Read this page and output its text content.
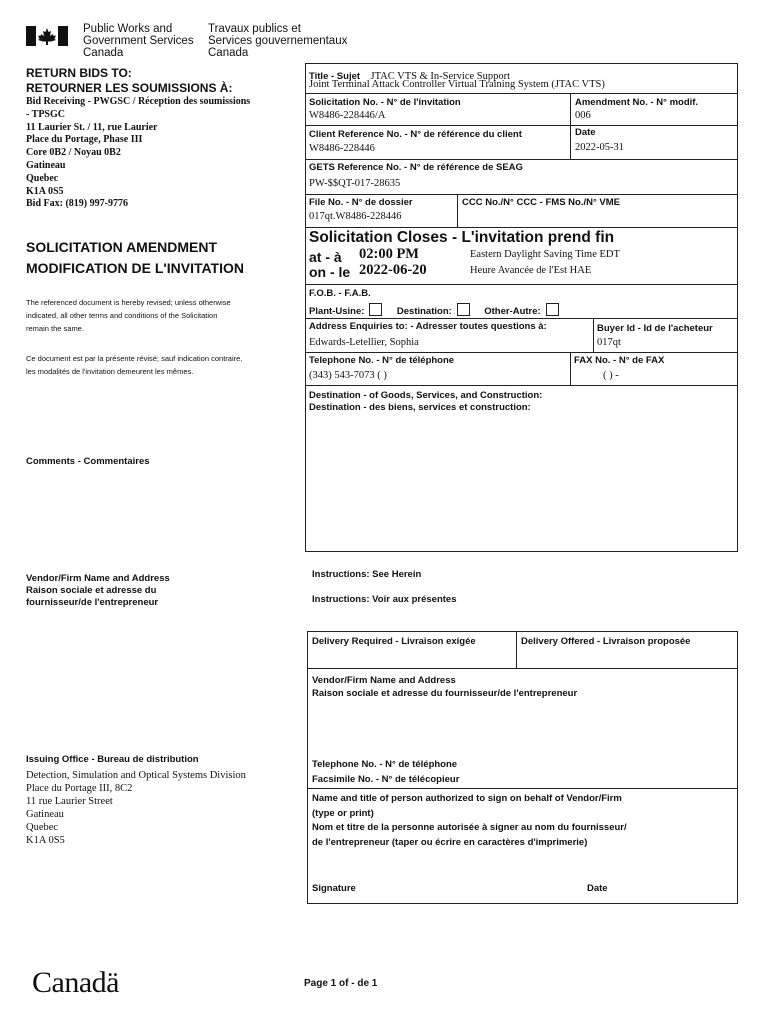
Public Works and
Government Services
Canada
Travaux publics et
Services gouvernementaux
Canada
RETURN BIDS TO:
RETOURNER LES SOUMISSIONS À:
Bid Receiving - PWGSC / Réception des soumissions
- TPSGC
11 Laurier St. / 11, rue Laurier
Place du Portage, Phase III
Core 0B2 / Noyau 0B2
Gatineau
Quebec
K1A 0S5
Bid Fax: (819) 997-9776
SOLICITATION AMENDMENT
MODIFICATION DE L'INVITATION
The referenced document is hereby revised; unless otherwise
indicated, all other terms and conditions of the Solicitation
remain the same.
Ce document est par la présente révisé; sauf indication contraire,
les modalités de l'invitation demeurent les mêmes.
Comments - Commentaires
Vendor/Firm Name and Address
Raison sociale et adresse du
fournisseur/de l'entrepreneur
Issuing Office - Bureau de distribution
Detection, Simulation and Optical Systems Division
Place du Portage III, 8C2
11 rue Laurier Street
Gatineau
Quebec
K1A 0S5
Title - Sujet JTAC VTS & In-Service Support
Joint Terminal Attack Controller Virtual Training System (JTAC VTS)
Solicitation No. - N° de l'invitation
W8486-228446/A
Amendment No. - N° modif.
006
Client Reference No. - N° de référence du client
W8486-228446
Date
2022-05-31
GETS Reference No. - N° de référence de SEAG
PW-$$QT-017-28635
File No. - N° de dossier
017qt.W8486-228446
CCC No./N° CCC - FMS No./N° VME
Solicitation Closes - L'invitation prend fin
at - à 02:00 PM
on - le 2022-06-20
Eastern Daylight Saving Time EDT
Heure Avancée de l'Est HAE
F.O.B. - F.A.B.
Plant-Usine:	Destination:	Other-Autre:
Address Enquiries to: - Adresser toutes questions à:
Edwards-Letellier, Sophia
Buyer Id - Id de l'acheteur
017qt
Telephone No. - N° de téléphone
(343) 543-7073 ( )
FAX No. - N° de FAX
( ) -
Destination - of Goods, Services, and Construction:
Destination - des biens, services et construction:
Instructions: See Herein
Instructions: Voir aux présentes
Delivery Required - Livraison exigée	Delivery Offered - Livraison proposée
Vendor/Firm Name and Address
Raison sociale et adresse du fournisseur/de l'entrepreneur
Telephone No. - N° de téléphone
Facsimile No. - N° de télécopieur
Name and title of person authorized to sign on behalf of Vendor/Firm
(type or print)
Nom et titre de la personne autorisée à signer au nom du fournisseur/
de l'entrepreneur (taper ou écrire en caractères d'imprimerie)
Signature	Date
Canadä	Page 1 of - de 1
